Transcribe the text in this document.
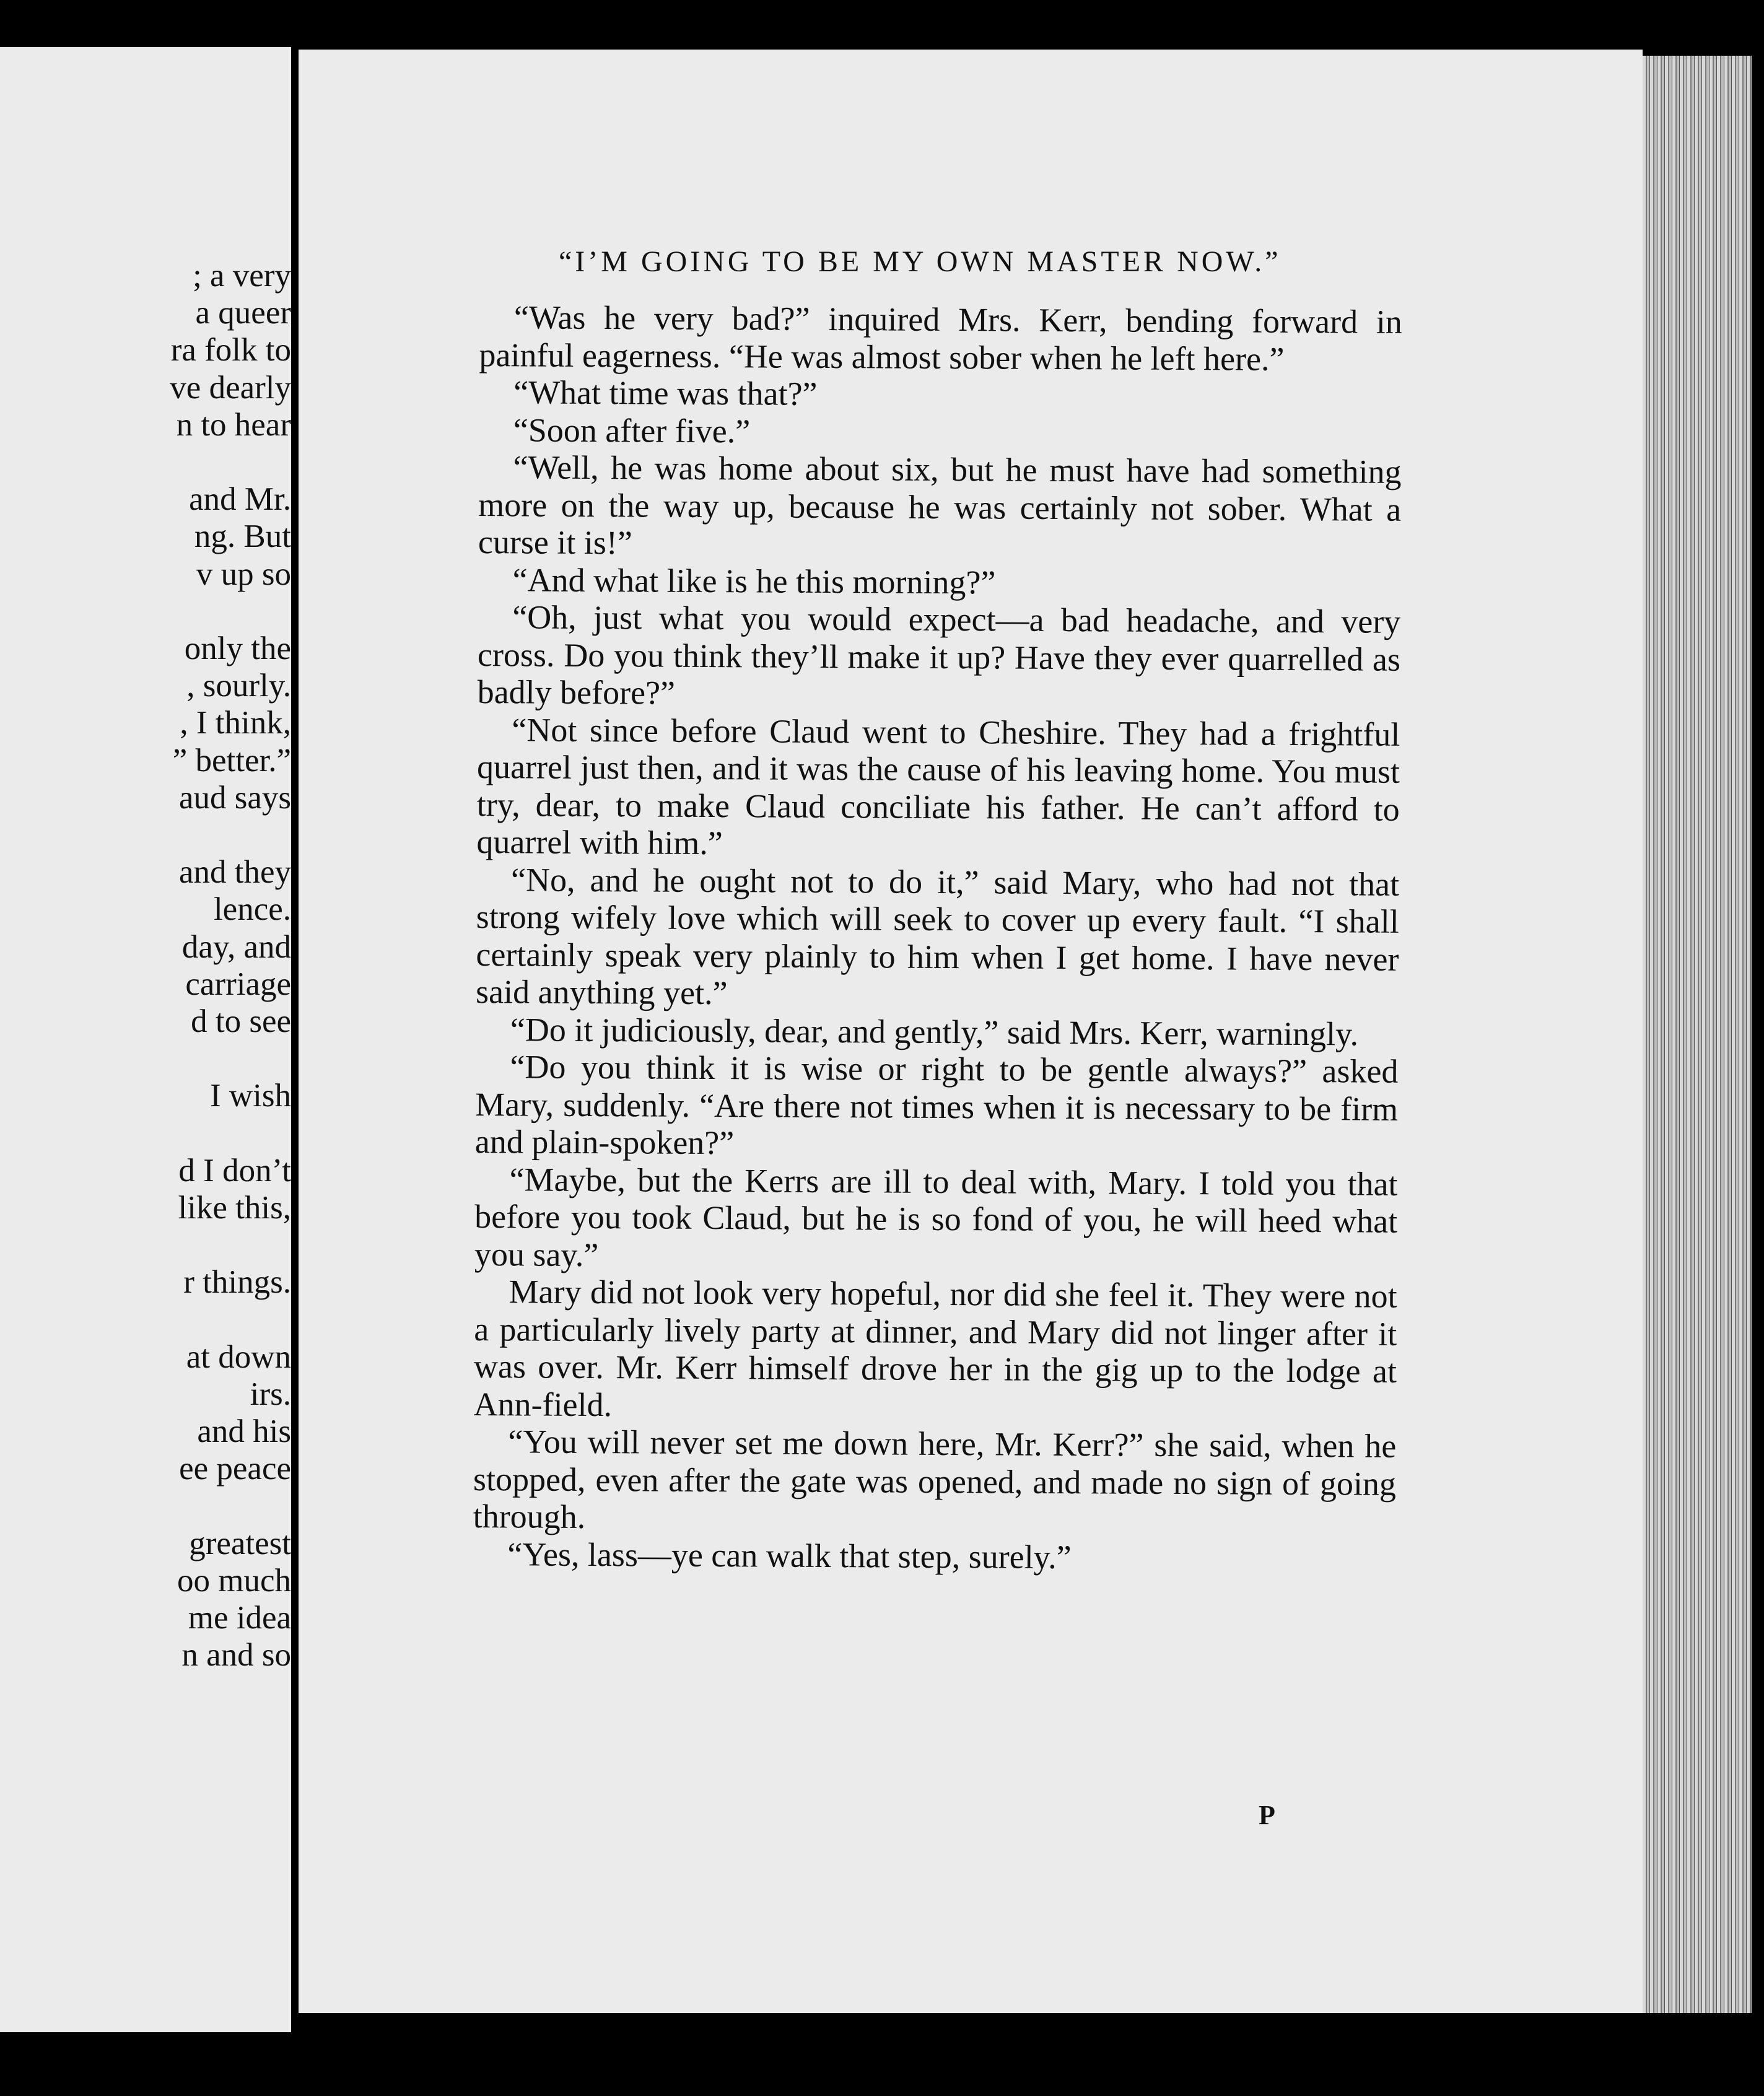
; a very
a queer
ra folk to
ve dearly
n to hear
and Mr.
ng. But
v up so
only the
, sourly.
, I think,
” better.”
aud says
and they
lence.
day, and
carriage
d to see
I wish
d I don’t
like this,
r things.
at down
irs.
and his
ee peace
greatest
oo much
me idea
n and so
“I’M GOING TO BE MY OWN MASTER NOW.”

“Was he very bad?” inquired Mrs. Kerr, bending forward in painful eagerness. “He was almost sober when he left here.”

“What time was that?”

“Soon after five.”

“Well, he was home about six, but he must have had something more on the way up, because he was certainly not sober. What a curse it is!”

“And what like is he this morning?”

“Oh, just what you would expect—a bad headache, and very cross. Do you think they’ll make it up? Have they ever quarrelled as badly before?”

“Not since before Claud went to Cheshire. They had a frightful quarrel just then, and it was the cause of his leaving home. You must try, dear, to make Claud conciliate his father. He can’t afford to quarrel with him.”

“No, and he ought not to do it,” said Mary, who had not that strong wifely love which will seek to cover up every fault. “I shall certainly speak very plainly to him when I get home. I have never said anything yet.”

“Do it judiciously, dear, and gently,” said Mrs. Kerr, warningly.

“Do you think it is wise or right to be gentle always?” asked Mary, suddenly. “Are there not times when it is necessary to be firm and plain-spoken?”

“Maybe, but the Kerrs are ill to deal with, Mary. I told you that before you took Claud, but he is so fond of you, he will heed what you say.”

Mary did not look very hopeful, nor did she feel it. They were not a particularly lively party at dinner, and Mary did not linger after it was over. Mr. Kerr himself drove her in the gig up to the lodge at Ann-field.

“You will never set me down here, Mr. Kerr?” she said, when he stopped, even after the gate was opened, and made no sign of going through.

“Yes, lass—ye can walk that step, surely.”

P
